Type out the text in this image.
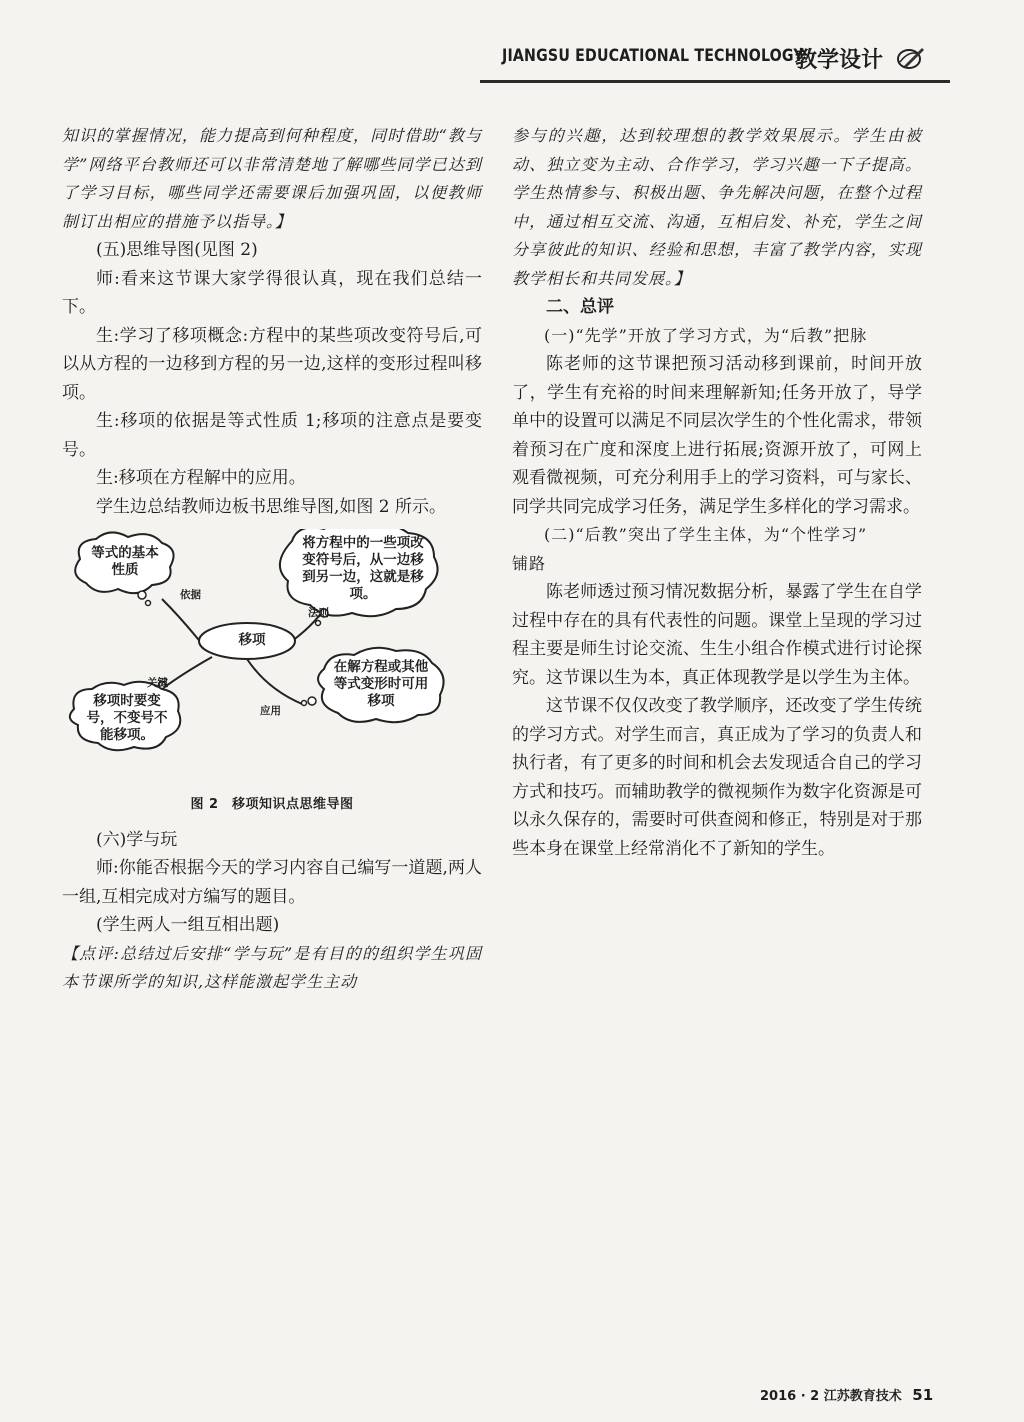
JIANGSU EDUCATIONAL TECHNOLOGY
教学设计

知识的掌握情况，能力提高到何种程度，同时借助“教与学”网络平台教师还可以非常清楚地了解哪些同学已达到了学习目标，哪些同学还需要课后加强巩固，以便教师制订出相应的措施予以指导。】

(五)思维导图(见图 2)

师:看来这节课大家学得很认真，现在我们总结一下。

生:学习了移项概念:方程中的某些项改变符号后,可以从方程的一边移到方程的另一边,这样的变形过程叫移项。

生:移项的依据是等式性质 1;移项的注意点是要变号。

生:移项在方程解中的应用。

学生边总结教师边板书思维导图,如图 2 所示。

移项
等式的基本性质
将方程中的一些项改变符号后，从一边移到另一边，这就是移项。
在解方程或其他等式变形时可用移项
移项时要变号，不变号不能移项。
依据
法则
应用
关键
图 2　移项知识点思维导图

(六)学与玩

师:你能否根据今天的学习内容自己编写一道题,两人一组,互相完成对方编写的题目。

(学生两人一组互相出题)

【点评:总结过后安排“学与玩”是有目的的组织学生巩固本节课所学的知识,这样能激起学生主动

参与的兴趣，达到较理想的教学效果展示。学生由被动、独立变为主动、合作学习，学习兴趣一下子提高。学生热情参与、积极出题、争先解决问题，在整个过程中，通过相互交流、沟通，互相启发、补充，学生之间分享彼此的知识、经验和思想，丰富了教学内容，实现教学相长和共同发展。】

二、总评

(一)“先学”开放了学习方式，为“后教”把脉

陈老师的这节课把预习活动移到课前，时间开放了，学生有充裕的时间来理解新知;任务开放了，导学单中的设置可以满足不同层次学生的个性化需求，带领着预习在广度和深度上进行拓展;资源开放了，可网上观看微视频，可充分利用手上的学习资料，可与家长、同学共同完成学习任务，满足学生多样化的学习需求。

(二)“后教”突出了学生主体，为“个性学习”

铺路

陈老师透过预习情况数据分析，暴露了学生在自学过程中存在的具有代表性的问题。课堂上呈现的学习过程主要是师生讨论交流、生生小组合作模式进行讨论探究。这节课以生为本，真正体现教学是以学生为主体。

这节课不仅仅改变了教学顺序，还改变了学生传统的学习方式。对学生而言，真正成为了学习的负责人和执行者，有了更多的时间和机会去发现适合自己的学习方式和技巧。而辅助教学的微视频作为数字化资源是可以永久保存的，需要时可供查阅和修正，特别是对于那些本身在课堂上经常消化不了新知的学生。

2016 · 2 江苏教育技术 51
